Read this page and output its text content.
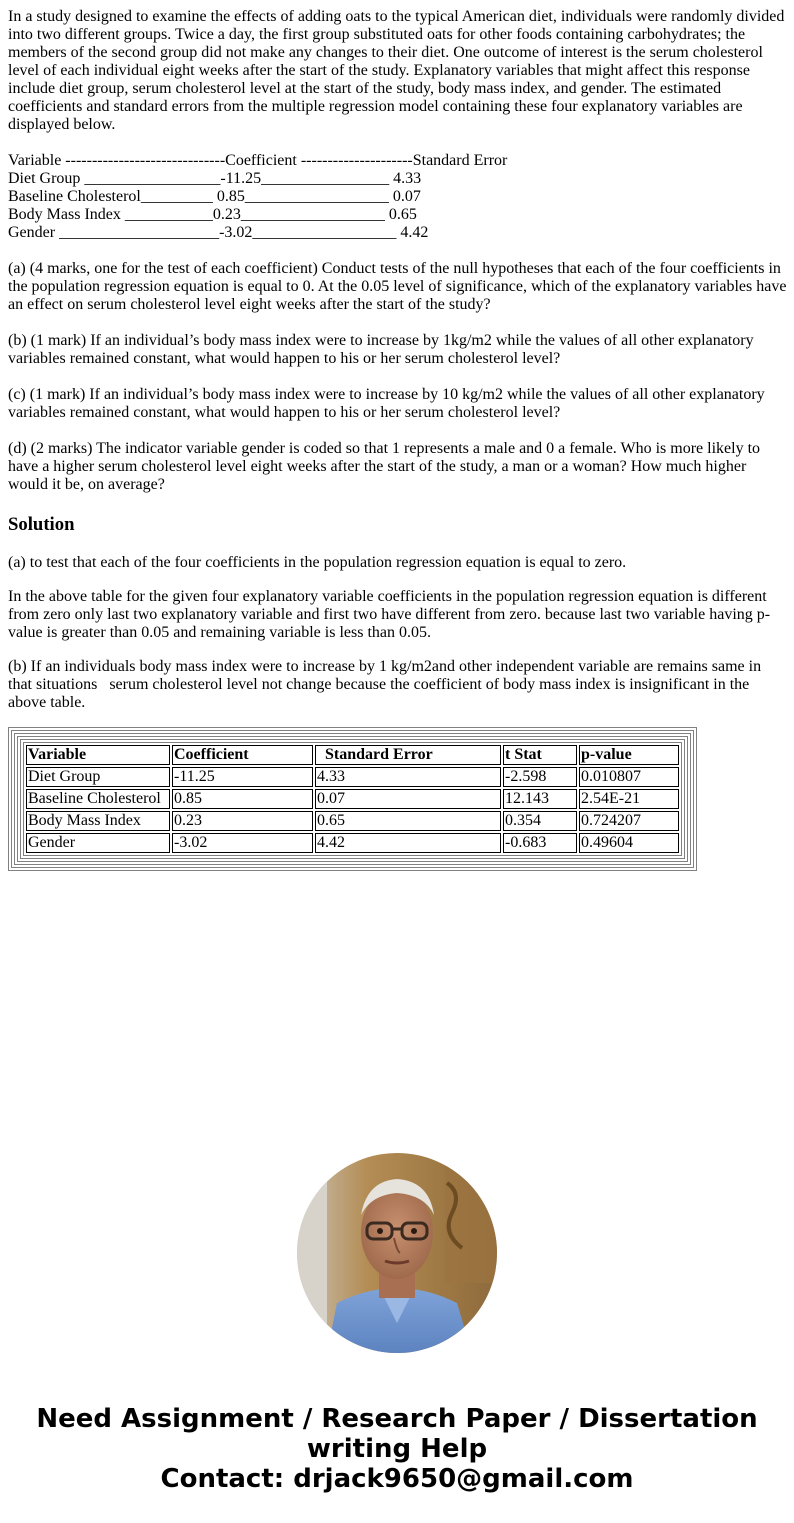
In a study designed to examine the effects of adding oats to the typical American diet, individuals were randomly divided into two different groups. Twice a day, the first group substituted oats for other foods containing carbohydrates; the members of the second group did not make any changes to their diet. One outcome of interest is the serum cholesterol level of each individual eight weeks after the start of the study. Explanatory variables that might affect this response include diet group, serum cholesterol level at the start of the study, body mass index, and gender. The estimated coefficients and standard errors from the multiple regression model containing these four explanatory variables are displayed below.

Variable ------------------------------Coefficient ---------------------Standard Error
Diet Group _________________-11.25________________ 4.33
Baseline Cholesterol_________ 0.85__________________ 0.07
Body Mass Index ___________0.23__________________ 0.65
Gender ____________________-3.02__________________ 4.42

(a) (4 marks, one for the test of each coefficient) Conduct tests of the null hypotheses that each of the four coefficients in the population regression equation is equal to 0. At the 0.05 level of significance, which of the explanatory variables have an effect on serum cholesterol level eight weeks after the start of the study?

(b) (1 mark) If an individual’s body mass index were to increase by 1kg/m2 while the values of all other explanatory variables remained constant, what would happen to his or her serum cholesterol level?

(c) (1 mark) If an individual’s body mass index were to increase by 10 kg/m2 while the values of all other explanatory variables remained constant, what would happen to his or her serum cholesterol level?

(d) (2 marks) The indicator variable gender is coded so that 1 represents a male and 0 a female. Who is more likely to have a higher serum cholesterol level eight weeks after the start of the study, a man or a woman? How much higher would it be, on average?

Solution

(a) to test that each of the four coefficients in the population regression equation is equal to zero.

In the above table for the given four explanatory variable coefficients in the population regression equation is different from zero only last two explanatory variable and first two have different from zero. because last two variable having p-value is greater than 0.05 and remaining variable is less than 0.05.

(b) If an individuals body mass index were to increase by 1 kg/m2and other independent variable are remains same in that situations   serum cholesterol level not change because the coefficient of body mass index is insignificant in the above table.

Variable	Coefficient	Standard Error	t Stat	p-value
Diet Group	-11.25	4.33	-2.598	0.010807
Baseline Cholesterol	0.85	0.07	12.143	2.54E-21
Body Mass Index	0.23	0.65	0.354	0.724207
Gender	-3.02	4.42	-0.683	0.49604
Need Assignment / Research Paper / Dissertation
writing Help
Contact: drjack9650@gmail.com
